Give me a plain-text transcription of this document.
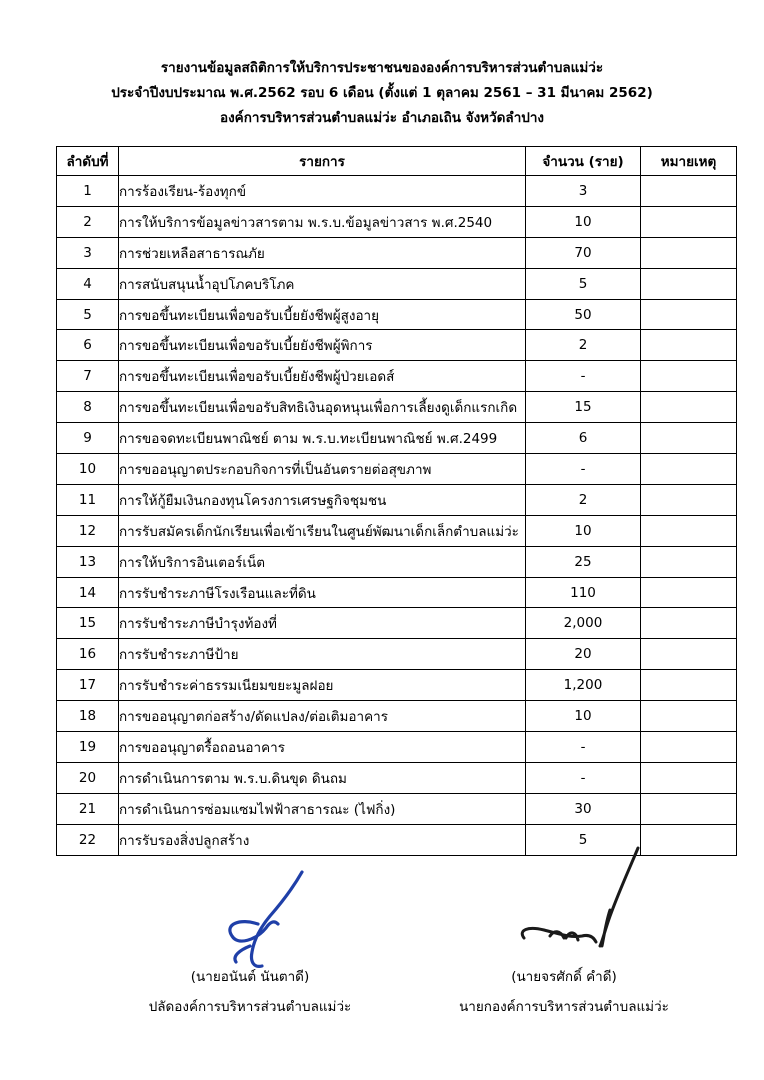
รายงานข้อมูลสถิติการให้บริการประชาชนขององค์การบริหารส่วนตำบลแม่ว่ะ
ประจำปีงบประมาณ พ.ศ.2562 รอบ 6 เดือน (ตั้งแต่ 1 ตุลาคม 2561 – 31 มีนาคม 2562)
องค์การบริหารส่วนตำบลแม่ว่ะ อำเภอเถิน จังหวัดลำปาง
ลำดับที่	รายการ	จำนวน (ราย)	หมายเหตุ
1	การร้องเรียน-ร้องทุกข์	3	
2	การให้บริการข้อมูลข่าวสารตาม พ.ร.บ.ข้อมูลข่าวสาร พ.ศ.2540	10	
3	การช่วยเหลือสาธารณภัย	70	
4	การสนับสนุนน้ำอุปโภคบริโภค	5	
5	การขอขึ้นทะเบียนเพื่อขอรับเบี้ยยังชีพผู้สูงอายุ	50	
6	การขอขึ้นทะเบียนเพื่อขอรับเบี้ยยังชีพผู้พิการ	2	
7	การขอขึ้นทะเบียนเพื่อขอรับเบี้ยยังชีพผู้ป่วยเอดส์	-	
8	การขอขึ้นทะเบียนเพื่อขอรับสิทธิเงินอุดหนุนเพื่อการเลี้ยงดูเด็กแรกเกิด	15	
9	การขอจดทะเบียนพาณิชย์ ตาม พ.ร.บ.ทะเบียนพาณิชย์ พ.ศ.2499	6	
10	การขออนุญาตประกอบกิจการที่เป็นอันตรายต่อสุขภาพ	-	
11	การให้กู้ยืมเงินกองทุนโครงการเศรษฐกิจชุมชน	2	
12	การรับสมัครเด็กนักเรียนเพื่อเข้าเรียนในศูนย์พัฒนาเด็กเล็กตำบลแม่ว่ะ	10	
13	การให้บริการอินเตอร์เน็ต	25	
14	การรับชำระภาษีโรงเรือนและที่ดิน	110	
15	การรับชำระภาษีบำรุงท้องที่	2,000	
16	การรับชำระภาษีป้าย	20	
17	การรับชำระค่าธรรมเนียมขยะมูลฝอย	1,200	
18	การขออนุญาตก่อสร้าง/ดัดแปลง/ต่อเติมอาคาร	10	
19	การขออนุญาตรื้อถอนอาคาร	-	
20	การดำเนินการตาม พ.ร.บ.ดินขุด ดินถม	-	
21	การดำเนินการซ่อมแซมไฟฟ้าสาธารณะ (ไฟกิ่ง)	30	
22	การรับรองสิ่งปลูกสร้าง	5	
(นายอนันต์ นันตาดี)
ปลัดองค์การบริหารส่วนตำบลแม่ว่ะ
(นายจรศักดิ์ คำดี)
นายกองค์การบริหารส่วนตำบลแม่ว่ะ
